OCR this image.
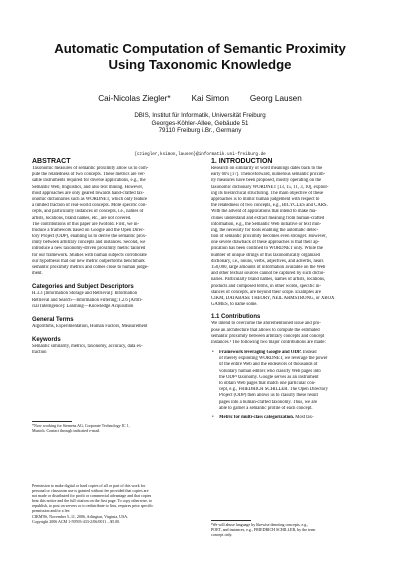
Automatic Computation of Semantic Proximity Using Taxonomic Knowledge
Cai-Nicolas Ziegler*	Kai Simon	Georg Lausen
DBIS, Institut für Informatik, Universität Freiburg
Georges-Köhler-Allee, Gebäude 51
79110 Freiburg i.Br., Germany
{cziegler,ksimon,lausen}@informatik.uni-freiburg.de
ABSTRACT
Taxonomic measures of semantic proximity allow us to com-
pute the relatedness of two concepts. These metrics are ver-
satile instruments required for diverse applications, e.g., the
Semantic Web, linguistics, and also text mining. However,
most approaches are only geared towards hand-crafted tax-
onomic dictionaries such as WORDNET, which only feature
a limited fraction of real-world concepts. More specific con-
cepts, and particularly instances of concepts, i.e., names of
artists, locations, brand names, etc., are not covered.
The contributions of this paper are twofold. First, we in-
troduce a framework based on Google and the Open Direc-
tory Project (ODP), enabling us to derive the semantic prox-
imity between arbitrary concepts and instances. Second, we
introduce a new taxonomy-driven proximity metric tailored
for our framework. Studies with human subjects corroborate
our hypothesis that our new metric outperforms benchmark
semantic proximity metrics and comes close to human judge-
ment.
Categories and Subject Descriptors
H.3.3 [Information Storage and Retrieval]: Information
Retrieval and Search—Information Filtering; I.2.6 [Artifi-
cial Intelligence]: Learning—Knowledge Acquisition
General Terms
Algorithms, Experimentation, Human Factors, Measurement
Keywords
Semantic similarity, metrics, taxonomy, accuracy, data ex-
traction
*Now working for Siemens AG, Corporate Technology IC 1,
Munich. Contact through indicated e-mail.
Permission to make digital or hard copies of all or part of this work for
personal or classroom use is granted without fee provided that copies are
not made or distributed for profit or commercial advantage and that copies
bear this notice and the full citation on the first page. To copy otherwise, to
republish, to post on servers or to redistribute to lists, requires prior specific
permission and/or a fee.
CIKM'06, November 5–11, 2006, Arlington, Virginia, USA.
Copyright 2006 ACM 1-59593-433-2/06/0011 ...$5.00.
1. INTRODUCTION
Research on similarity of word meanings dates back to the
early 60's [17]. Thenceforward, numerous semantic proxim-
ity measures have been proposed, mostly operating on the
taxonomic dictionary WORDNET [13, 15, 11, 3, 10], exploit-
ing its hierarchical structuring. The main objective of these
approaches is to mimic human judgement with respect to
the relatedness of two concepts, e.g., BICYCLES and CARS.
With the advent of applications that intend to make ma-
chines understand and extract meaning from human-crafted
information, e.g., the Semantic Web initiative or text min-
ing, the necessity for tools enabling the automatic detec-
tion of semantic proximity becomes even stronger. However,
one severe drawback of these approaches is that their ap-
plication has been confined to WORDNET only. While the
number of unique strings of this taxonomically organized
dictionary, i.e., nouns, verbs, adjectives, and adverbs, nears
150,000, large amounts of information available on the Web
and other textual sources cannot be captured by such dictio-
naries. Particularly brand names, names of artists, locations,
products and composed terms, in other words, specific in-
stances of concepts, are beyond their scope. Examples are
CIKM, DATABASE THEORY, NEIL ARMSTRONG, or XBOX
GAMES, to name some.
1.1 Contributions
We intend to overcome the aforementioned issue and pro-
pose an architecture that allows to compute the estimated
semantic proximity between arbitrary concepts and concept
instances.¹ The following two major contributions are made:
• Framework leveraging Google and ODP. Instead
of merely exploiting WORDNET, we leverage the power
of the entire Web and the endeavors of thousands of
voluntary human editors who classify Web pages into
the ODP¹ taxonomy. Google serves as an instrument
to obtain Web pages that match one particular con-
cept, e.g., FRIEDRICH SCHILLER. The Open Directory
Project (ODP) then allows us to classify these result
pages into a human-crafted taxonomy. Thus, we are
able to garner a semantic profile of each concept.
• Metric for multi-class categorization. Most tax-
¹We will abuse language by likewise denoting concepts, e.g.,
POET, and instances, e.g., FRIEDRICH SCHILLER, by the term
concept only.
